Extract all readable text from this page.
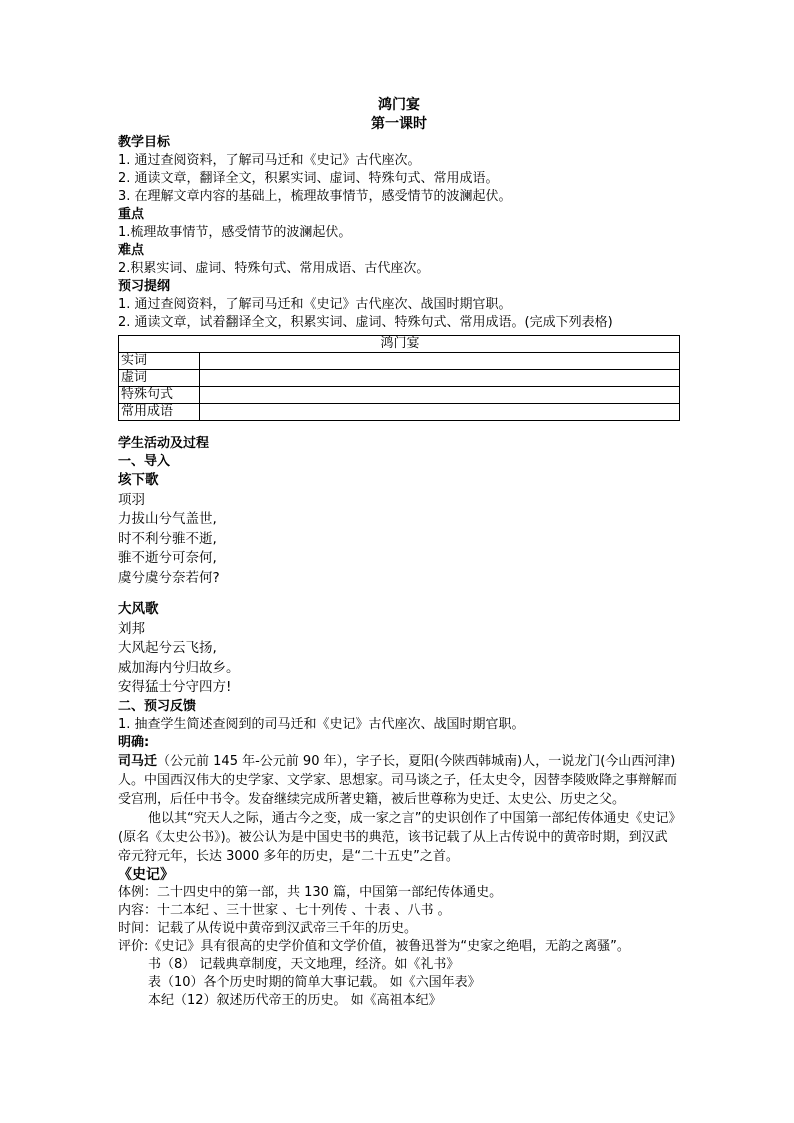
鸿门宴
第一课时
教学目标
1. 通过查阅资料，了解司马迁和《史记》古代座次。
2. 通读文章，翻译全文，积累实词、虚词、特殊句式、常用成语。
3. 在理解文章内容的基础上，梳理故事情节，感受情节的波澜起伏。
重点
1.梳理故事情节，感受情节的波澜起伏。
难点
2.积累实词、虚词、特殊句式、常用成语、古代座次。
预习提纲
1. 通过查阅资料，了解司马迁和《史记》古代座次、战国时期官职。
2. 通读文章，试着翻译全文，积累实词、虚词、特殊句式、常用成语。(完成下列表格)
鸿门宴	
实词	
虚词	
特殊句式	
常用成语	
学生活动及过程
一、导入
垓下歌
项羽
力拔山兮气盖世,
时不利兮骓不逝,
骓不逝兮可奈何,
虞兮虞兮奈若何?
大风歌
刘邦
大风起兮云飞扬,
威加海内兮归故乡。
安得猛士兮守四方!
二、预习反馈
1. 抽查学生简述查阅到的司马迁和《史记》古代座次、战国时期官职。
明确:
司马迁（公元前 145 年-公元前 90 年），字子长，夏阳(今陕西韩城南)人，一说龙门(今山西河津)人。中国西汉伟大的史学家、文学家、思想家。司马谈之子，任太史令，因替李陵败降之事辩解而受宫刑，后任中书令。发奋继续完成所著史籍，被后世尊称为史迁、太史公、历史之父。
他以其“究天人之际，通古今之变，成一家之言”的史识创作了中国第一部纪传体通史《史记》(原名《太史公书》)。被公认为是中国史书的典范，该书记载了从上古传说中的黄帝时期，到汉武帝元狩元年，长达 3000 多年的历史，是“二十五史”之首。
《史记》
体例：二十四史中的第一部，共 130 篇，中国第一部纪传体通史。
内容：十二本纪 、三十世家 、七十列传 、十表 、八书 。
时间：记载了从传说中黄帝到汉武帝三千年的历史。
评价:《史记》具有很高的史学价值和文学价值，被鲁迅誉为“史家之绝唱，无韵之离骚”。
书（8） 记载典章制度，天文地理，经济。如《礼书》
表（10）各个历史时期的简单大事记载。 如《六国年表》
本纪（12）叙述历代帝王的历史。 如《高祖本纪》
